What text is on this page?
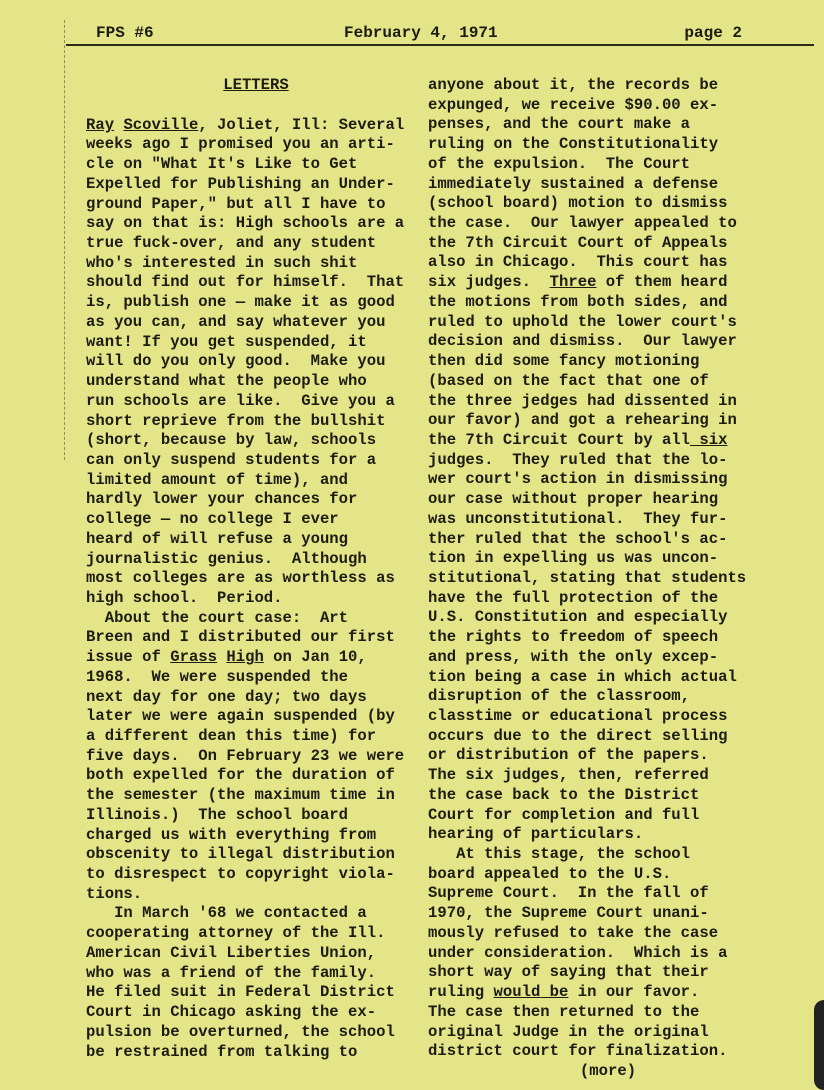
FPS #6	February 4, 1971	page 2
LETTERS
Ray Scoville, Joliet, Ill: Several
weeks ago I promised you an arti-
cle on "What It's Like to Get
Expelled for Publishing an Under-
ground Paper," but all I have to
say on that is: High schools are a
true fuck-over, and any student
who's interested in such shit
should find out for himself.  That
is, publish one — make it as good
as you can, and say whatever you
want! If you get suspended, it
will do you only good.  Make you
understand what the people who
run schools are like.  Give you a
short reprieve from the bullshit
(short, because by law, schools
can only suspend students for a
limited amount of time), and
hardly lower your chances for
college — no college I ever
heard of will refuse a young
journalistic genius.  Although
most colleges are as worthless as
high school.  Period.
About the court case:  Art
Breen and I distributed our first
issue of Grass High on Jan 10,
1968.  We were suspended the
next day for one day; two days
later we were again suspended (by
a different dean this time) for
five days.  On February 23 we were
both expelled for the duration of
the semester (the maximum time in
Illinois.)  The school board
charged us with everything from
obscenity to illegal distribution
to disrespect to copyright viola-
tions.
In March '68 we contacted a
cooperating attorney of the Ill.
American Civil Liberties Union,
who was a friend of the family.
He filed suit in Federal District
Court in Chicago asking the ex-
pulsion be overturned, the school
be restrained from talking to
anyone about it, the records be
expunged, we receive $90.00 ex-
penses, and the court make a
ruling on the Constitutionality
of the expulsion.  The Court
immediately sustained a defense
(school board) motion to dismiss
the case.  Our lawyer appealed to
the 7th Circuit Court of Appeals
also in Chicago.  This court has
six judges.  Three of them heard
the motions from both sides, and
ruled to uphold the lower court's
decision and dismiss.  Our lawyer
then did some fancy motioning
(based on the fact that one of
the three jedges had dissented in
our favor) and got a rehearing in
the 7th Circuit Court by all six
judges.  They ruled that the lo-
wer court's action in dismissing
our case without proper hearing
was unconstitutional.  They fur-
ther ruled that the school's ac-
tion in expelling us was uncon-
stitutional, stating that students
have the full protection of the
U.S. Constitution and especially
the rights to freedom of speech
and press, with the only excep-
tion being a case in which actual
disruption of the classroom,
classtime or educational process
occurs due to the direct selling
or distribution of the papers.
The six judges, then, referred
the case back to the District
Court for completion and full
hearing of particulars.
At this stage, the school
board appealed to the U.S.
Supreme Court.  In the fall of
1970, the Supreme Court unani-
mously refused to take the case
under consideration.  Which is a
short way of saying that their
ruling would be in our favor.
The case then returned to the
original Judge in the original
district court for finalization.
(more)
